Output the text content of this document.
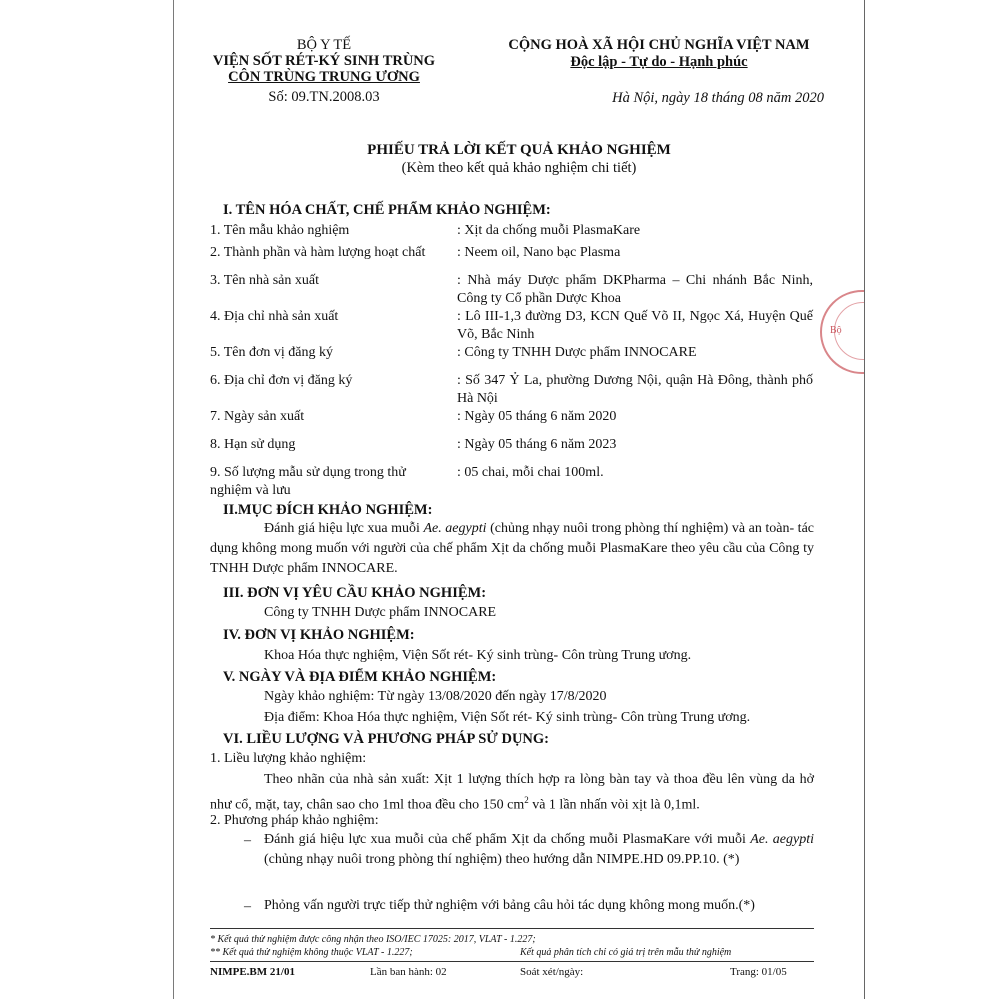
BỘ Y TẾ
VIỆN SỐT RÉT-KÝ SINH TRÙNG
CÔN TRÙNG TRUNG ƯƠNG
Số: 09.TN.2008.03
CỘNG HOÀ XÃ HỘI CHỦ NGHĨA VIỆT NAM
Độc lập - Tự do - Hạnh phúc
Hà Nội, ngày 18 tháng 08 năm 2020
PHIẾU TRẢ LỜI KẾT QUẢ KHẢO NGHIỆM
(Kèm theo kết quả khảo nghiệm chi tiết)
I. TÊN HÓA CHẤT, CHẾ PHẨM KHẢO NGHIỆM:
1. Tên mẫu khảo nghiệm	: Xịt da chống muỗi PlasmaKare
2. Thành phần và hàm lượng hoạt chất	: Neem oil, Nano bạc Plasma
3. Tên nhà sản xuất	: Nhà máy Dược phẩm DKPharma – Chi nhánh Bắc Ninh, Công ty Cổ phần Dược Khoa
4. Địa chỉ nhà sản xuất	: Lô III-1,3 đường D3, KCN Quế Võ II, Ngọc Xá, Huyện Quế Võ, Bắc Ninh
5. Tên đơn vị đăng ký	: Công ty TNHH Dược phẩm INNOCARE
6. Địa chỉ đơn vị đăng ký	: Số 347 Ỷ La, phường Dương Nội, quận Hà Đông, thành phố Hà Nội
7. Ngày sản xuất	: Ngày 05 tháng 6 năm 2020
8. Hạn sử dụng	: Ngày 05 tháng 6 năm 2023
9. Số lượng mẫu sử dụng trong thử nghiệm và lưu
: 05 chai, mỗi chai 100ml.
II.MỤC ĐÍCH KHẢO NGHIỆM:
Đánh giá hiệu lực xua muỗi Ae. aegypti (chủng nhạy nuôi trong phòng thí nghiệm) và an toàn- tác dụng không mong muốn với người của chế phẩm Xịt da chống muỗi PlasmaKare theo yêu cầu của Công ty TNHH Dược phẩm INNOCARE.
III. ĐƠN VỊ YÊU CẦU KHẢO NGHIỆM:
Công ty TNHH Dược phẩm INNOCARE
IV. ĐƠN VỊ KHẢO NGHIỆM:
Khoa Hóa thực nghiệm, Viện Sốt rét- Ký sinh trùng- Côn trùng Trung ương.
V. NGÀY VÀ ĐỊA ĐIỂM KHẢO NGHIỆM:
Ngày khảo nghiệm: Từ ngày 13/08/2020 đến ngày 17/8/2020
Địa điểm: Khoa Hóa thực nghiệm, Viện Sốt rét- Ký sinh trùng- Côn trùng Trung ương.
VI. LIỀU LƯỢNG VÀ PHƯƠNG PHÁP SỬ DỤNG:
1. Liều lượng khảo nghiệm:
Theo nhãn của nhà sản xuất: Xịt 1 lượng thích hợp ra lòng bàn tay và thoa đều lên vùng da hở như cổ, mặt, tay, chân sao cho 1ml thoa đều cho 150 $cm^2$ và 1 lần nhấn vòi xịt là 0,1ml.
2. Phương pháp khảo nghiệm:
– Đánh giá hiệu lực xua muỗi của chế phẩm Xịt da chống muỗi PlasmaKare với muỗi Ae. aegypti (chủng nhạy nuôi trong phòng thí nghiệm) theo hướng dẫn NIMPE.HD 09.PP.10. (*)
– Phỏng vấn người trực tiếp thử nghiệm với bảng câu hỏi tác dụng không mong muốn.(*)
* Kết quả thử nghiệm được công nhận theo ISO/IEC 17025: 2017, VLAT - 1.227;
** Kết quả thử nghiệm không thuộc VLAT - 1.227;	Kết quả phân tích chỉ có giá trị trên mẫu thử nghiệm
NIMPE.BM 21/01	Lần ban hành: 02	Soát xét/ngày:	Trang: 01/05
Bộ
